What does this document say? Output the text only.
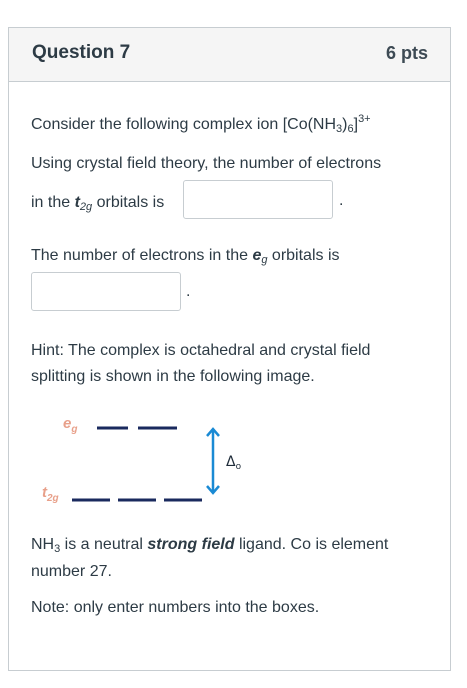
Question 7	6 pts
Consider the following complex ion $[Co(NH_3)_6]^{3+}$
Using crystal field theory, the number of electrons
in the $t_{2g}$ orbitals is	.
The number of electrons in the $e_g$ orbitals is
.
Hint: The complex is octahedral and crystal field splitting is shown in the following image.
$e_g$
$t_{2g}$
$\Delta_o$
$NH_3$ is a neutral strong field ligand. Co is element number 27.
Note: only enter numbers into the boxes.
